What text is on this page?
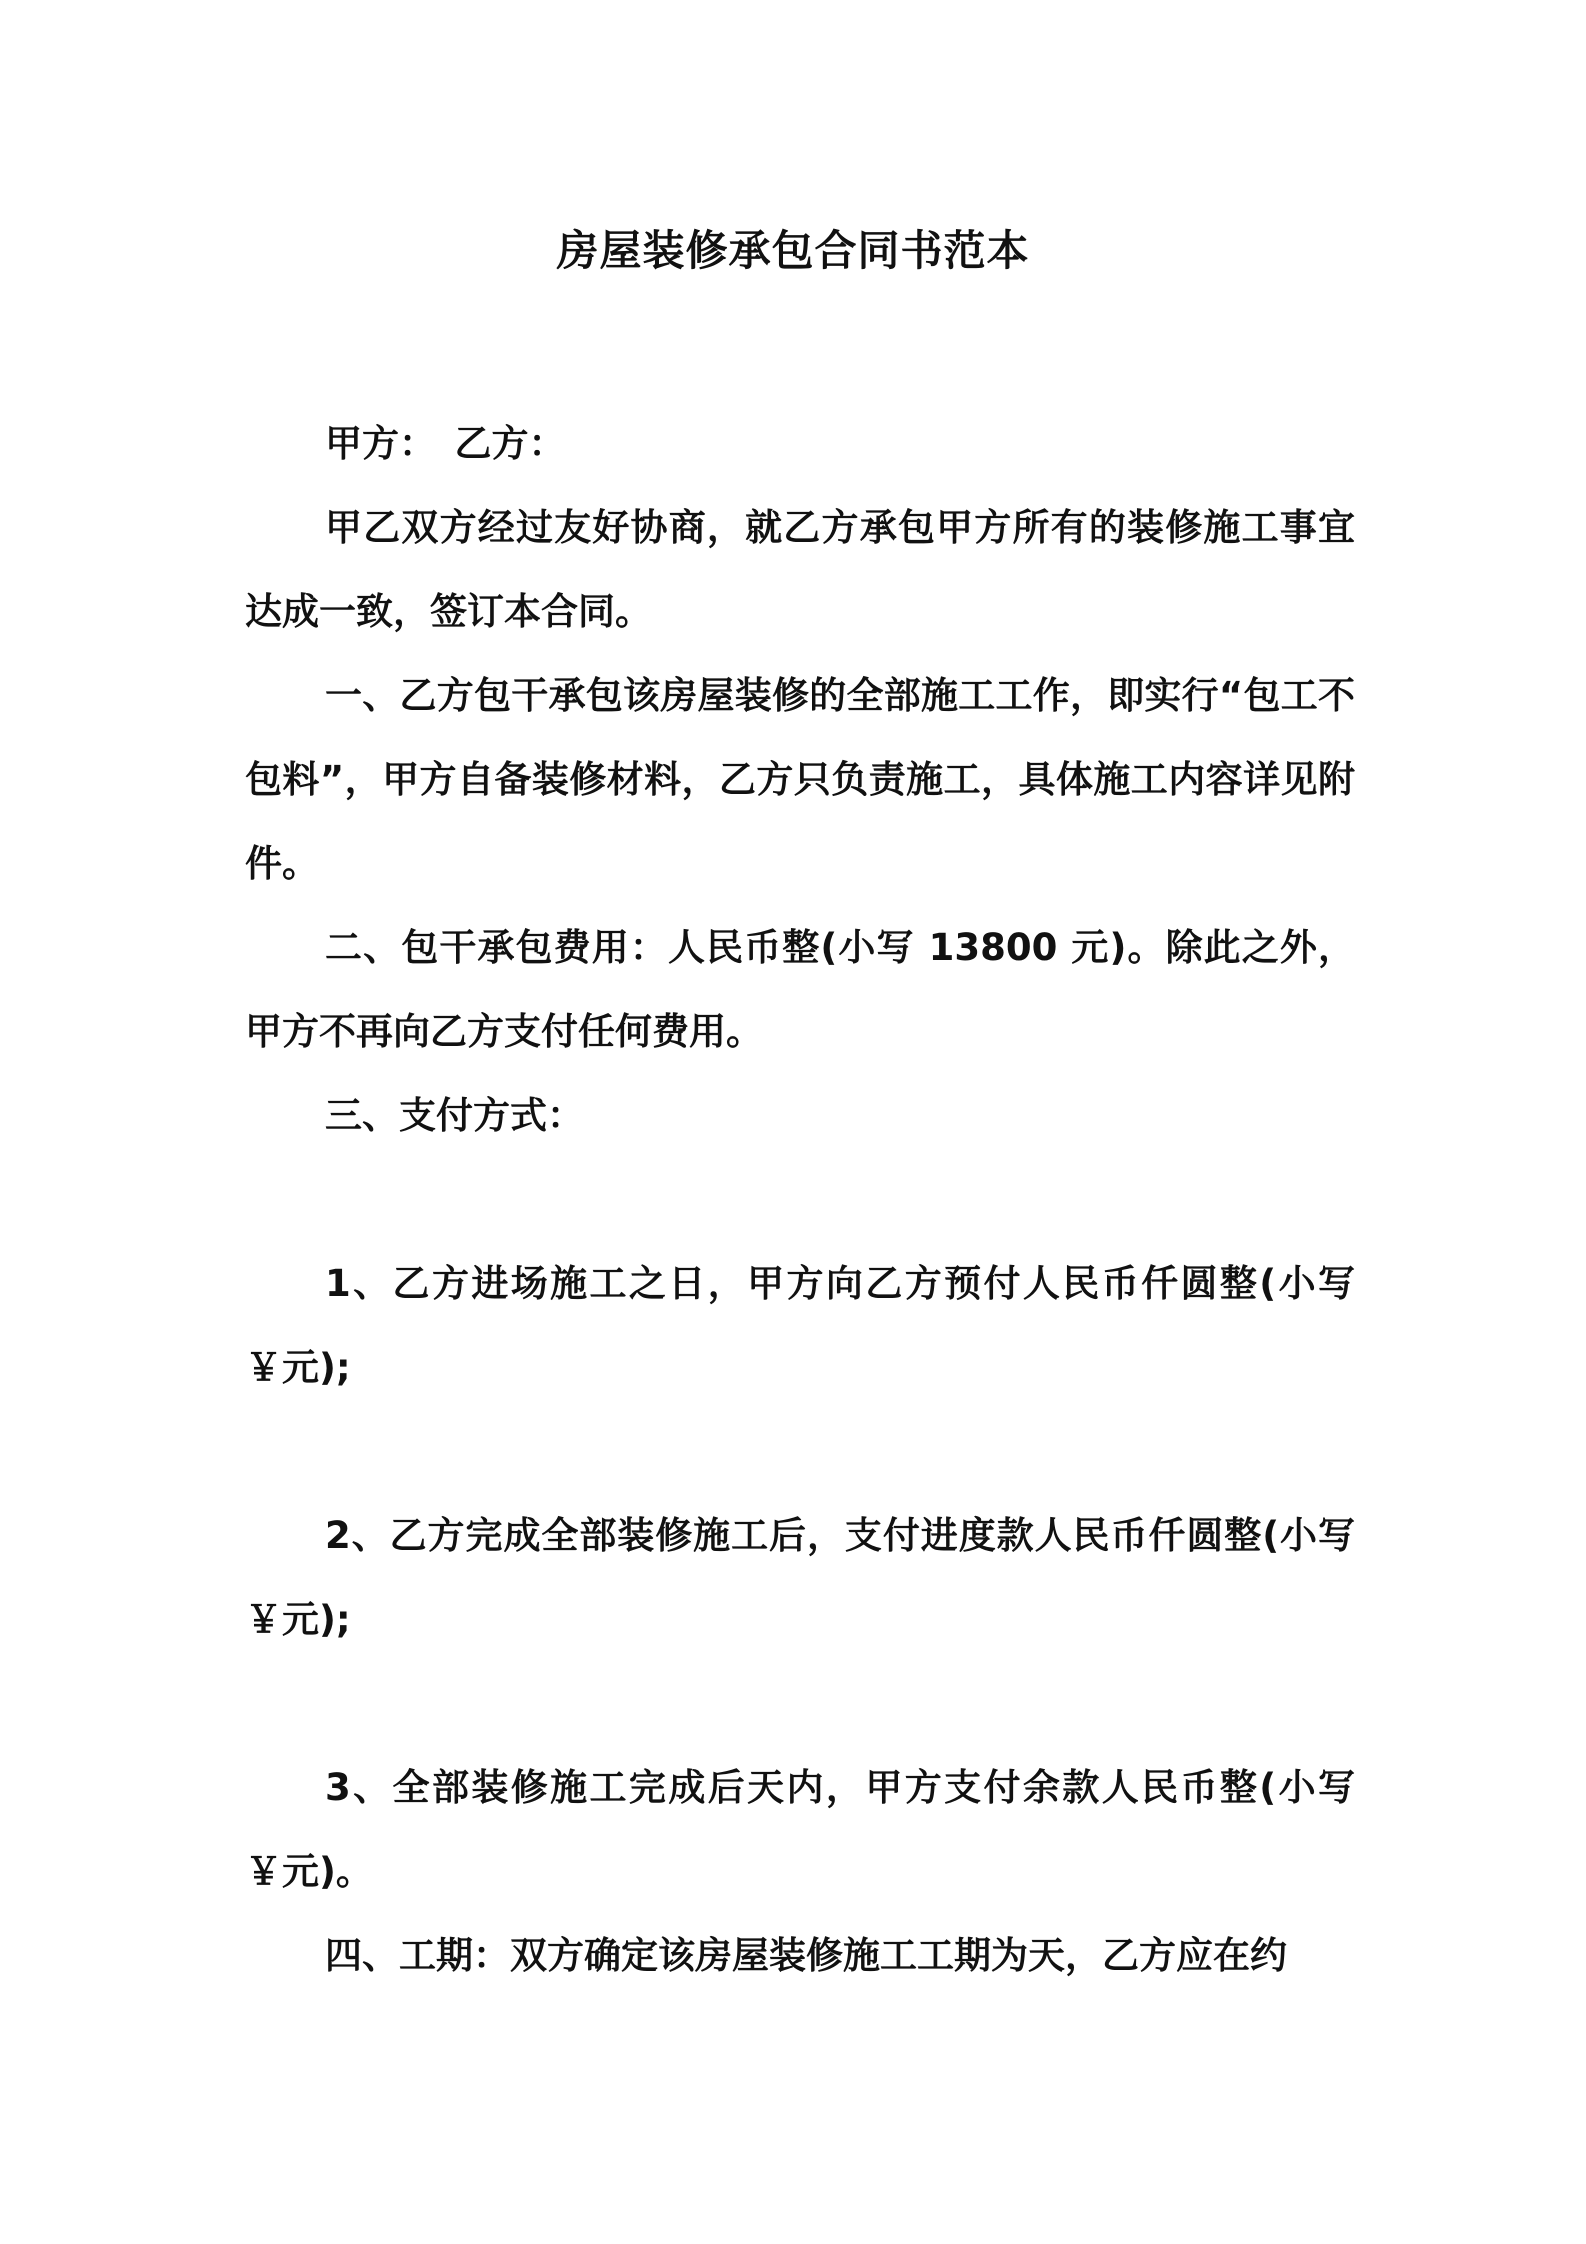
房屋装修承包合同书范本

甲方：　乙方：

甲乙双方经过友好协商，就乙方承包甲方所有的装修施工事宜达成一致，签订本合同。

一、乙方包干承包该房屋装修的全部施工工作，即实行“包工不包料”，甲方自备装修材料，乙方只负责施工，具体施工内容详见附件。

二、包干承包费用：人民币整(小写 13800 元)。除此之外，甲方不再向乙方支付任何费用。

三、支付方式：

1、乙方进场施工之日，甲方向乙方预付人民币仟圆整(小写￥元);

2、乙方完成全部装修施工后，支付进度款人民币仟圆整(小写￥元);

3、全部装修施工完成后天内，甲方支付余款人民币整(小写￥元)。

四、工期：双方确定该房屋装修施工工期为天，乙方应在约
